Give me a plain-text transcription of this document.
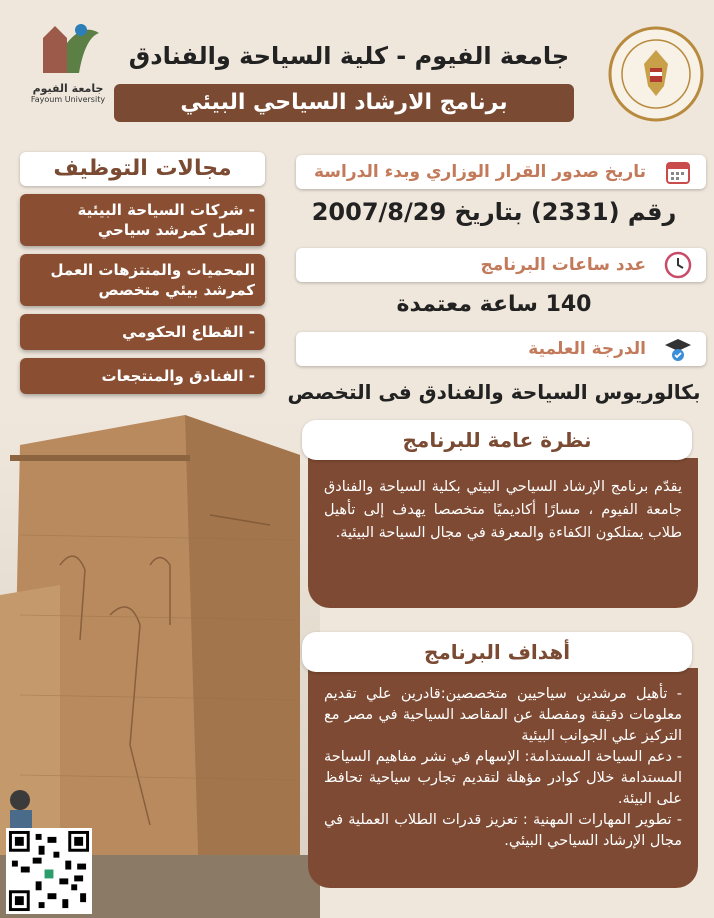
جامعة الفيوم
Fayoum University
جامعة الفيوم - كلية السياحة والفنادق
برنامج الارشاد السياحي البيئي
مجالات التوظيف
- شركات السياحة البيئية العمل كمرشد سياحي
المحميات والمنتزهات العمل كمرشد بيئي متخصص
- القطاع الحكومي
- الفنادق والمنتجعات
تاريخ صدور القرار الوزاري وبدء الدراسة
رقم (2331) بتاريخ 2007/8/29
عدد ساعات البرنامج
140 ساعة معتمدة
الدرجة العلمية
بكالوريوس السياحة والفنادق فى التخصص
يقدّم برنامج الإرشاد السياحي البيئي بكلية السياحة والفنادق جامعة الفيوم ، مسارًا أكاديميًا متخصصا يهدف إلى تأهيل طلاب يمتلكون الكفاءة والمعرفة في مجال السياحة البيئية.
نظرة عامة للبرنامج
- تأهيل مرشدين سياحيين متخصصين:قادرين علي تقديم معلومات دقيقة ومفصلة عن المقاصد السياحية في مصر مع التركيز علي الجوانب البيئية
- دعم السياحة المستدامة: الإسهام في نشر مفاهيم السياحة المستدامة خلال كوادر مؤهلة لتقديم تجارب سياحية تحافظ على البيئة.
- تطوير المهارات المهنية : تعزيز قدرات الطلاب العملية في مجال الإرشاد السياحي البيئي.
أهداف البرنامج
